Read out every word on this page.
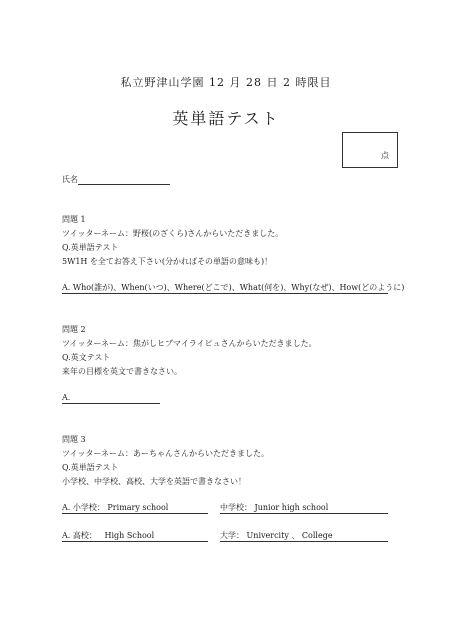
私立野津山学園 12 月 28 日 2 時限目
英単語テスト
点
氏名
問題 1
ツイッターネーム：野桜(のざくら)さんからいただきました。
Q.英単語テスト
5W1H を全てお答え下さい(分かればその単語の意味も)！
A. Who(誰が)、When(いつ)、Where(どこで)、What(何を)、Why(なぜ)、How(どのように)
問題 2
ツイッターネーム：焦がしヒプマイライピュさんからいただきました。
Q.英文テスト
来年の目標を英文で書きなさい。
A.
問題 3
ツイッターネーム：あーちゃんさんからいただきました。
Q.英単語テスト
小学校、中学校、高校、大学を英語で書きなさい！
A. 小学校： Primary school	中学校： Junior high school
A. 高校： High School	大学： Univercity 、 College
